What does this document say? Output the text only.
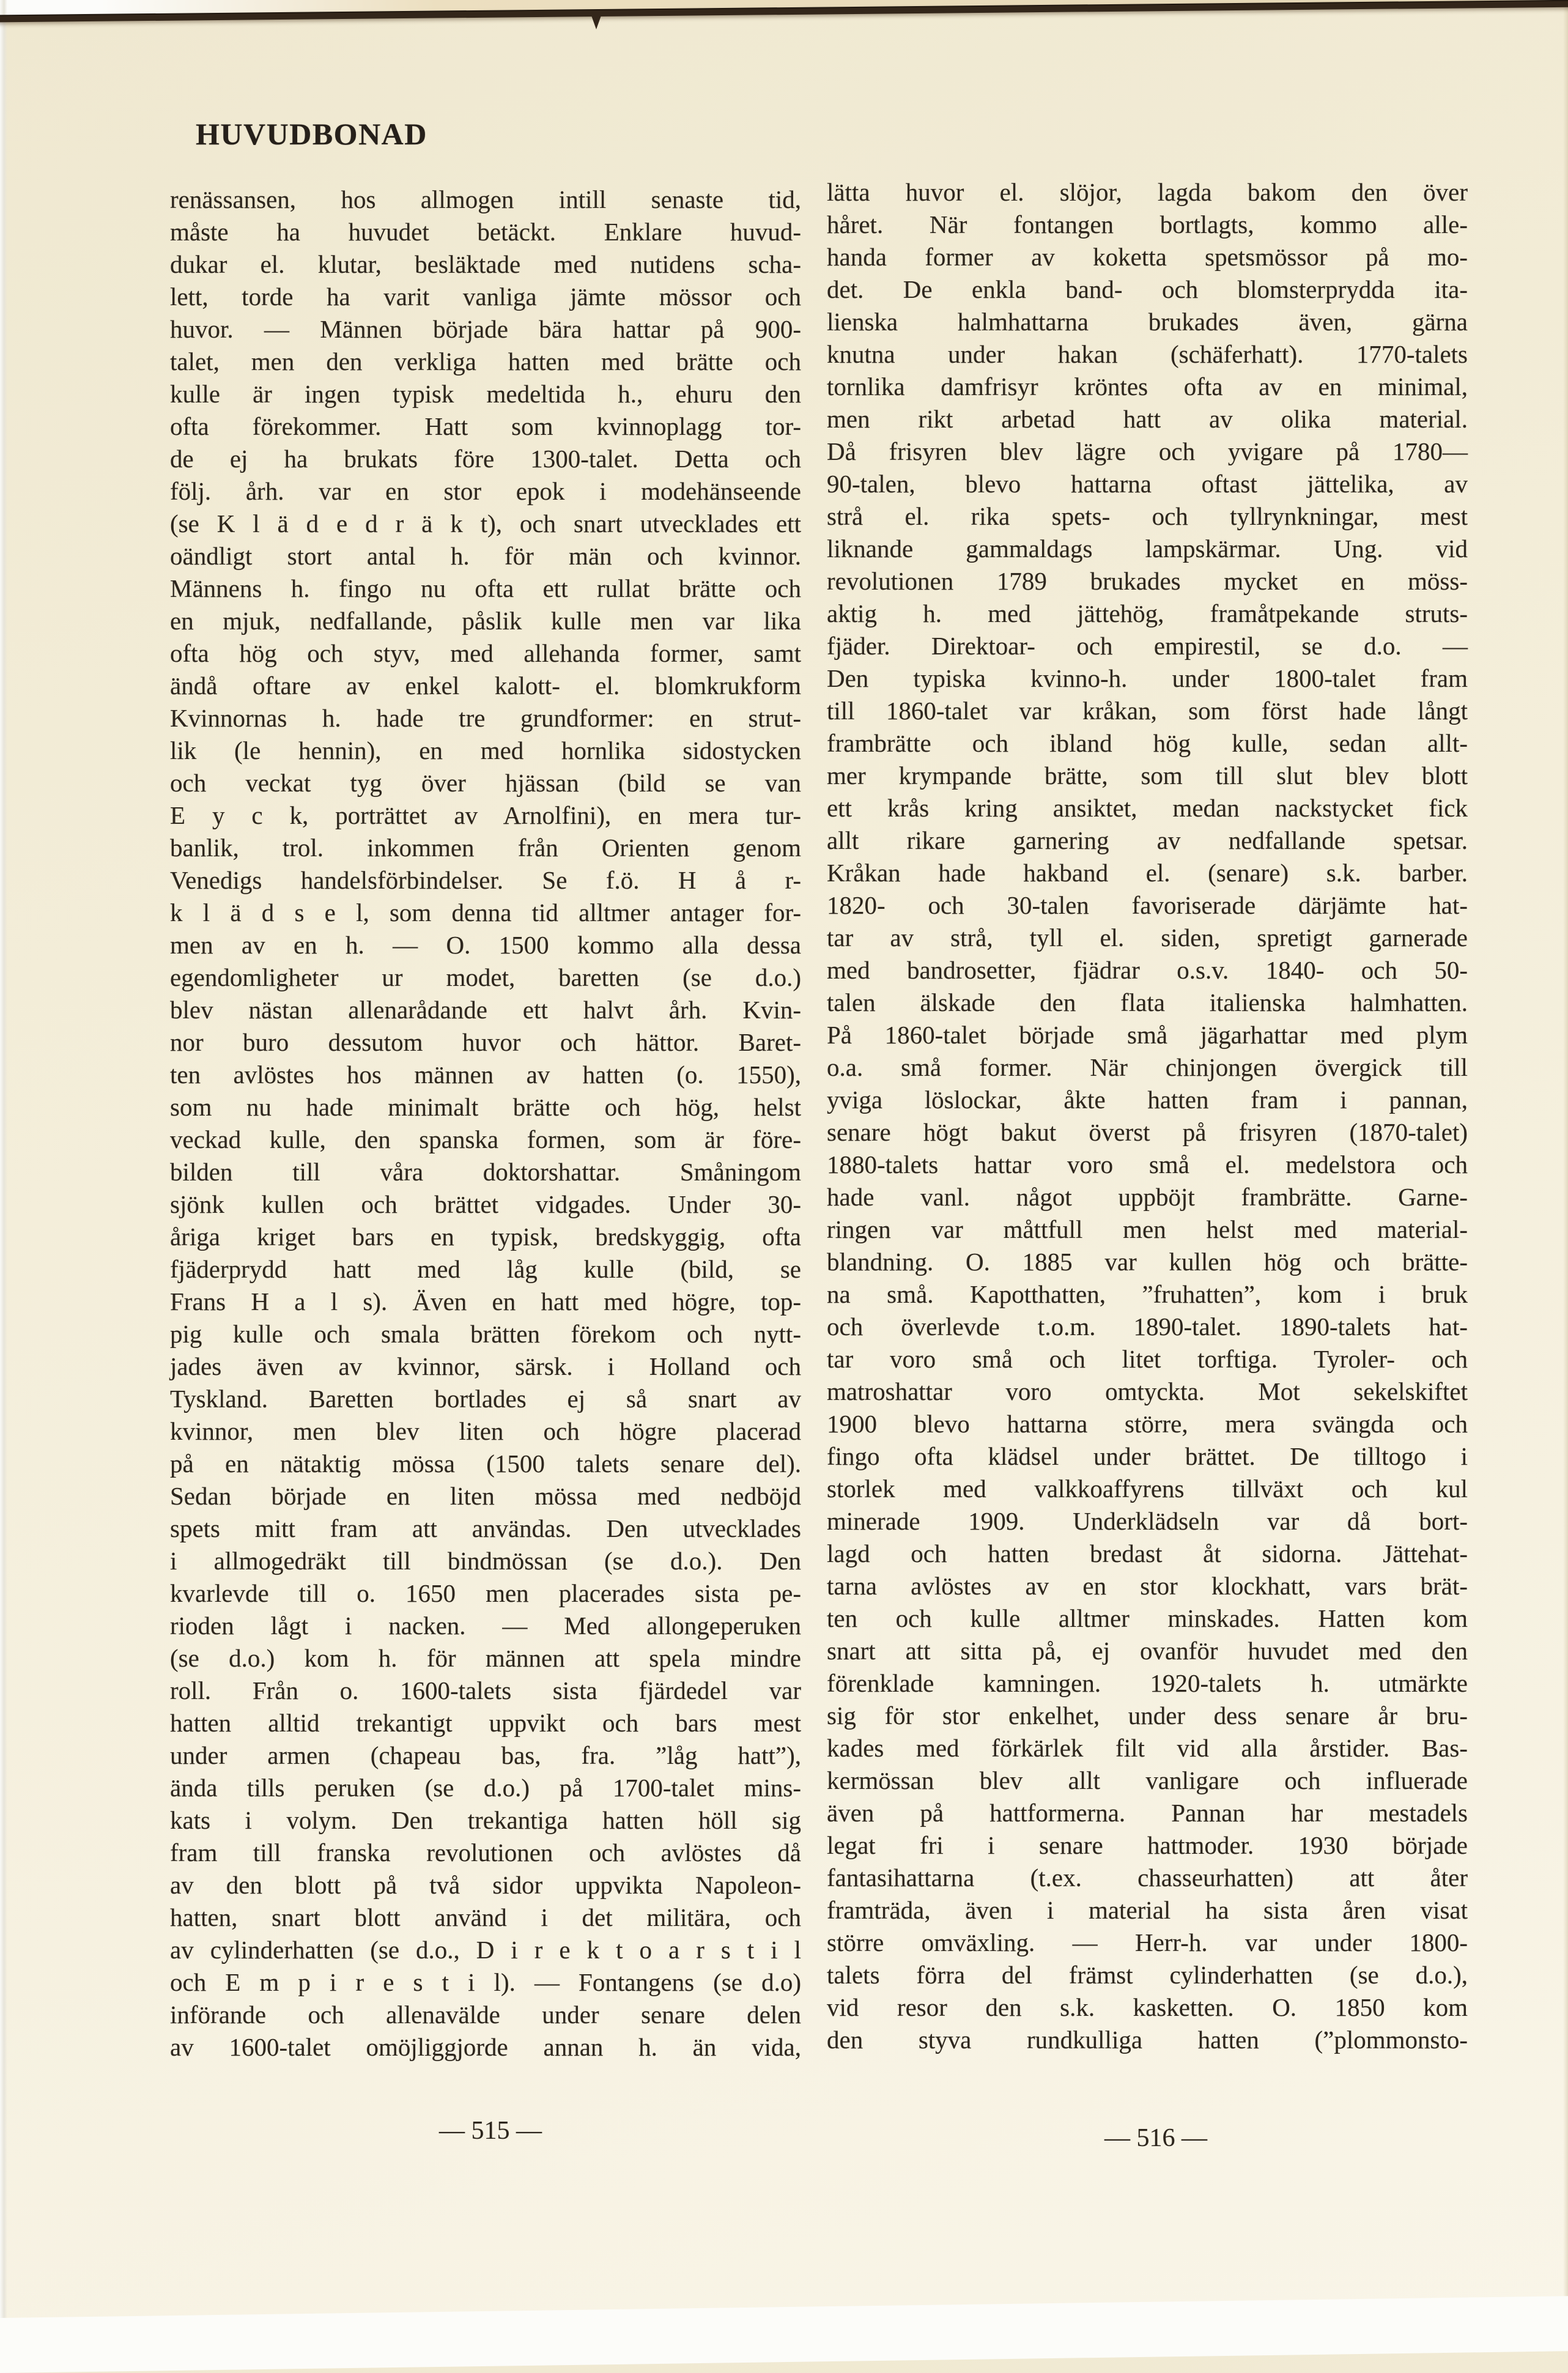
HUVUDBONAD
renässansen, hos allmogen intill senaste tid,
måste ha huvudet betäckt. Enklare huvud-
dukar el. klutar, besläktade med nutidens scha-
lett, torde ha varit vanliga jämte mössor och
huvor. — Männen började bära hattar på 900-
talet, men den verkliga hatten med brätte och
kulle är ingen typisk medeltida h., ehuru den
ofta förekommer. Hatt som kvinnoplagg tor-
de ej ha brukats före 1300-talet. Detta och
följ. årh. var en stor epok i modehänseende
(se K l ä d e d r ä k t), och snart utvecklades ett
oändligt stort antal h. för män och kvinnor.
Männens h. fingo nu ofta ett rullat brätte och
en mjuk, nedfallande, påslik kulle men var lika
ofta hög och styv, med allehanda former, samt
ändå oftare av enkel kalott- el. blomkrukform
Kvinnornas h. hade tre grundformer: en strut-
lik (le hennin), en med hornlika sidostycken
och veckat tyg över hjässan (bild se van
E y c k, porträttet av Arnolfini), en mera tur-
banlik, trol. inkommen från Orienten genom
Venedigs handelsförbindelser. Se f.ö. H å r-
k l ä d s e l, som denna tid alltmer antager for-
men av en h. — O. 1500 kommo alla dessa
egendomligheter ur modet, baretten (se d.o.)
blev nästan allenarådande ett halvt årh. Kvin-
nor buro dessutom huvor och hättor. Baret-
ten avlöstes hos männen av hatten (o. 1550),
som nu hade minimalt brätte och hög, helst
veckad kulle, den spanska formen, som är före-
bilden till våra doktorshattar. Småningom
sjönk kullen och brättet vidgades. Under 30-
åriga kriget bars en typisk, bredskyggig, ofta
fjäderprydd hatt med låg kulle (bild, se
Frans H a l s). Även en hatt med högre, top-
pig kulle och smala brätten förekom och nytt-
jades även av kvinnor, särsk. i Holland och
Tyskland. Baretten bortlades ej så snart av
kvinnor, men blev liten och högre placerad
på en nätaktig mössa (1500 talets senare del).
Sedan började en liten mössa med nedböjd
spets mitt fram att användas. Den utvecklades
i allmogedräkt till bindmössan (se d.o.). Den
kvarlevde till o. 1650 men placerades sista pe-
rioden lågt i nacken. — Med allongeperuken
(se d.o.) kom h. för männen att spela mindre
roll. Från o. 1600-talets sista fjärdedel var
hatten alltid trekantigt uppvikt och bars mest
under armen (chapeau bas, fra. ”låg hatt”),
ända tills peruken (se d.o.) på 1700-talet mins-
kats i volym. Den trekantiga hatten höll sig
fram till franska revolutionen och avlöstes då
av den blott på två sidor uppvikta Napoleon-
hatten, snart blott använd i det militära, och
av cylinderhatten (se d.o., D i r e k t o a r s t i l
och E m p i r e s t i l). — Fontangens (se d.o)
införande och allenavälde under senare delen
av 1600-talet omöjliggjorde annan h. än vida,
lätta huvor el. slöjor, lagda bakom den över
håret. När fontangen bortlagts, kommo alle-
handa former av koketta spetsmössor på mo-
det. De enkla band- och blomsterprydda ita-
lienska halmhattarna brukades även, gärna
knutna under hakan (schäferhatt). 1770-talets
tornlika damfrisyr kröntes ofta av en minimal,
men rikt arbetad hatt av olika material.
Då frisyren blev lägre och yvigare på 1780—
90-talen, blevo hattarna oftast jättelika, av
strå el. rika spets- och tyllrynkningar, mest
liknande gammaldags lampskärmar. Ung. vid
revolutionen 1789 brukades mycket en möss-
aktig h. med jättehög, framåtpekande struts-
fjäder. Direktoar- och empirestil, se d.o. —
Den typiska kvinno-h. under 1800-talet fram
till 1860-talet var kråkan, som först hade långt
frambrätte och ibland hög kulle, sedan allt-
mer krympande brätte, som till slut blev blott
ett krås kring ansiktet, medan nackstycket fick
allt rikare garnering av nedfallande spetsar.
Kråkan hade hakband el. (senare) s.k. barber.
1820- och 30-talen favoriserade därjämte hat-
tar av strå, tyll el. siden, spretigt garnerade
med bandrosetter, fjädrar o.s.v. 1840- och 50-
talen älskade den flata italienska halmhatten.
På 1860-talet började små jägarhattar med plym
o.a. små former. När chinjongen övergick till
yviga löslockar, åkte hatten fram i pannan,
senare högt bakut överst på frisyren (1870-talet)
1880-talets hattar voro små el. medelstora och
hade vanl. något uppböjt frambrätte. Garne-
ringen var måttfull men helst med material-
blandning. O. 1885 var kullen hög och brätte-
na små. Kapotthatten, ”fruhatten”, kom i bruk
och överlevde t.o.m. 1890-talet. 1890-talets hat-
tar voro små och litet torftiga. Tyroler- och
matroshattar voro omtyckta. Mot sekelskiftet
1900 blevo hattarna större, mera svängda och
fingo ofta klädsel under brättet. De tilltogo i
storlek med valkkoaffyrens tillväxt och kul
minerade 1909. Underklädseln var då bort-
lagd och hatten bredast åt sidorna. Jättehat-
tarna avlöstes av en stor klockhatt, vars brät-
ten och kulle alltmer minskades. Hatten kom
snart att sitta på, ej ovanför huvudet med den
förenklade kamningen. 1920-talets h. utmärkte
sig för stor enkelhet, under dess senare år bru-
kades med förkärlek filt vid alla årstider. Bas-
kermössan blev allt vanligare och influerade
även på hattformerna. Pannan har mestadels
legat fri i senare hattmoder. 1930 började
fantasihattarna (t.ex. chasseurhatten) att åter
framträda, även i material ha sista åren visat
större omväxling. — Herr-h. var under 1800-
talets förra del främst cylinderhatten (se d.o.),
vid resor den s.k. kasketten. O. 1850 kom
den styva rundkulliga hatten (”plommonsto-
— 515 —	— 516 —
